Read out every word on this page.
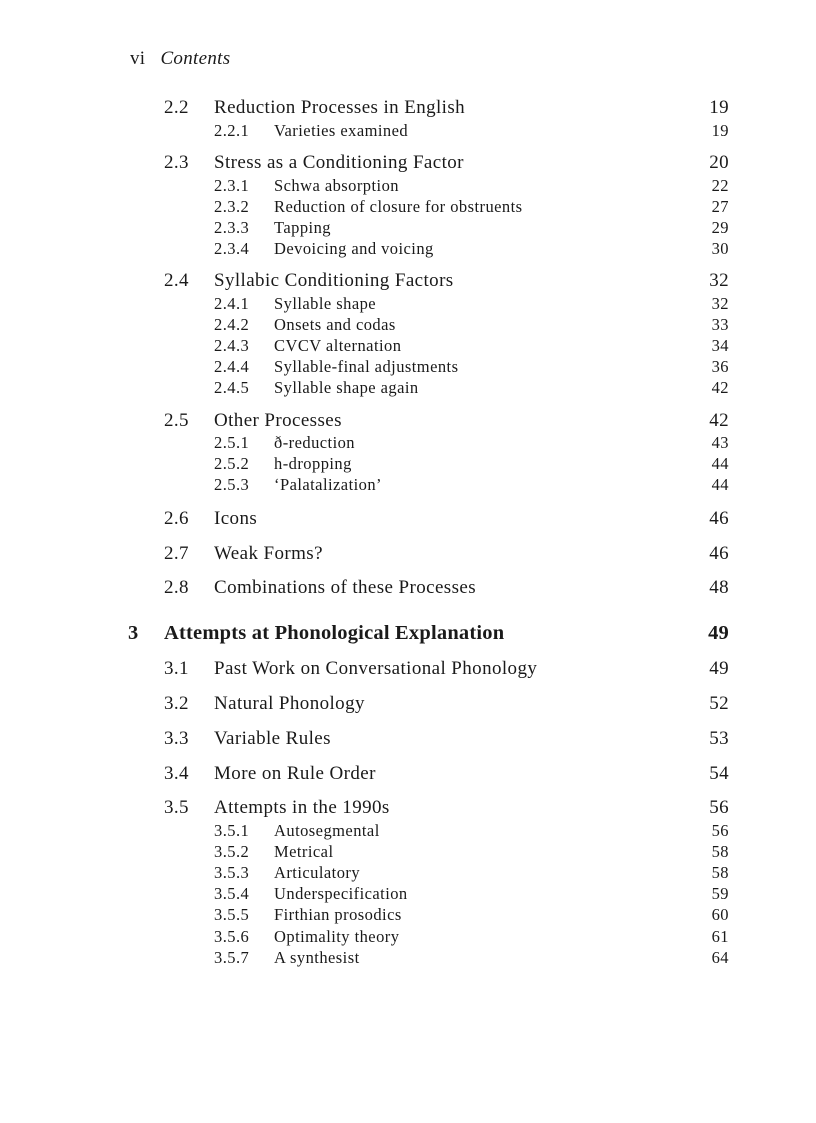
vi Contents
2.2 Reduction Processes in English	19
2.2.1 Varieties examined	19
2.3 Stress as a Conditioning Factor	20
2.3.1 Schwa absorption	22
2.3.2 Reduction of closure for obstruents	27
2.3.3 Tapping	29
2.3.4 Devoicing and voicing	30
2.4 Syllabic Conditioning Factors	32
2.4.1 Syllable shape	32
2.4.2 Onsets and codas	33
2.4.3 CVCV alternation	34
2.4.4 Syllable-final adjustments	36
2.4.5 Syllable shape again	42
2.5 Other Processes	42
2.5.1 ð-reduction	43
2.5.2 h-dropping	44
2.5.3 ‘Palatalization’	44
2.6 Icons	46
2.7 Weak Forms?	46
2.8 Combinations of these Processes	48
3 Attempts at Phonological Explanation	49
3.1 Past Work on Conversational Phonology	49
3.2 Natural Phonology	52
3.3 Variable Rules	53
3.4 More on Rule Order	54
3.5 Attempts in the 1990s	56
3.5.1 Autosegmental	56
3.5.2 Metrical	58
3.5.3 Articulatory	58
3.5.4 Underspecification	59
3.5.5 Firthian prosodics	60
3.5.6 Optimality theory	61
3.5.7 A synthesist	64
